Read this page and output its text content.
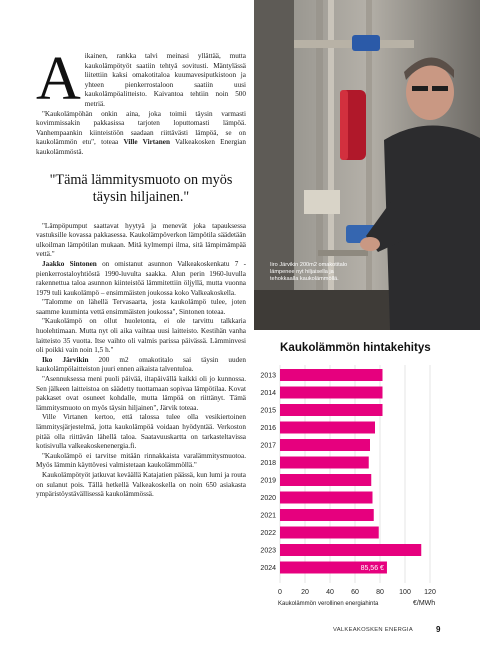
Aikainen, rankka talvi meinasi yllättää, mutta kaukolämpötyöt saatiin tehtyä sovitusti. Mäntylässä liitettiin kaksi omakotitaloa kuumavesiputkistoon ja yhteen pienkerrostaloon saatiin uusi kaukolämpöalitteisto. Kaivantoa tehtiin noin 500 metriä.

"Kaukolämpöhän onkin aina, joka toimii täysin varmasti kovimmissakin pakkasissa tarjoten loputtomasti lämpöä. Vanhempaankin kiinteistöön saadaan riittävästi lämpöä, se on kaukolämmön etu", toteaa Ville Virtanen Valkeakosken Energian kaukolämmöstä.

"Tämä lämmitysmuoto on myös täysin hiljainen."

"Lämpöpumput saattavat hyytyä ja menevät joka tapauksessa vastuksille kovassa pakkasessa. Kaukolämpöverkon lämpötila säädetään ulkoilman lämpötilan mukaan. Mitä kylmempi ilma, sitä lämpimämpää vettä."

Jaakko Sintonen on omistanut asunnon Valkeakoskenkatu 7 -pienkerrostaloyhtiöstä 1990-luvulta saakka. Alun perin 1960-luvulla rakennettua taloa asunnon kiinteistöä lämmitettiin öljyllä, mutta vuonna 1979 tuli kaukolämpö – ensimmäisten joukossa koko Valkeakoskella.

"Talomme on lähellä Tervasaarta, josta kaukolämpö tulee, joten saamme kuuminta vettä ensimmäisten joukossa", Sintonen toteaa.

"Kaukolämpö on ollut huoletonta, ei ole tarvittu talkkaria huolehtimaan. Mutta nyt oli aika vaihtaa uusi laitteisto. Kestihän vanha laitteisto 35 vuotta. Itse vaihto oli valmis parissa päivässä. Lämminvesi oli poikki vain noin 1,5 h."

Iko Järvikin 200 m2 omakotitalo sai täysin uuden kaukolämpölaitteiston juuri ennen aikaista talventuloa.

"Asennuksessa meni puoli päivää, iltapäivällä kaikki oli jo kunnossa. Sen jälkeen laitteistoa on säädetty tuottamaan sopivaa lämpötilaa. Kovat pakkaset ovat osuneet kohdalle, mutta lämpöä on riittänyt. Tämä lämmitysmuoto on myös täysin hiljainen", Järvik toteaa.

Ville Virtanen kertoo, että talossa tulee olla vesikiertoinen lämmitysjärjestelmä, jotta kaukolämpöä voidaan hyödyntää. Verkoston pitää olla riittävän lähellä taloa. Saatavuuskartta on tarkasteltavissa kotisivulla valkeakoskenenergia.fi.

"Kaukolämpö ei tarvitse mitään rinnakkaista varalämmitysmuotoa. Myös lämmin käyttövesi valmistetaan kaukolämmöllä."

Kaukolämpötyöt jatkuvat keväällä Katajatien päässä, kun lumi ja routa on sulanut pois. Tällä hetkellä Valkeakoskella on noin 650 asiakasta ympäristöystävällisessä kaukolämmössä.

Iiro Järvikin 200m2 omakotitalo lämpenee nyt hiljaisella ja tehokkaalla kaukolämmöllä.
Kaukolämmön hintakehitys
0	20 40 60 80 100 120
2013
2014
2015
2016
2017
2018
2019
2020
2021
2022
2023
2024	85,56 €
Kaukolämmön verollinen energiahinta	€/MWh
VALKEAKOSKEN ENERGIA	9
